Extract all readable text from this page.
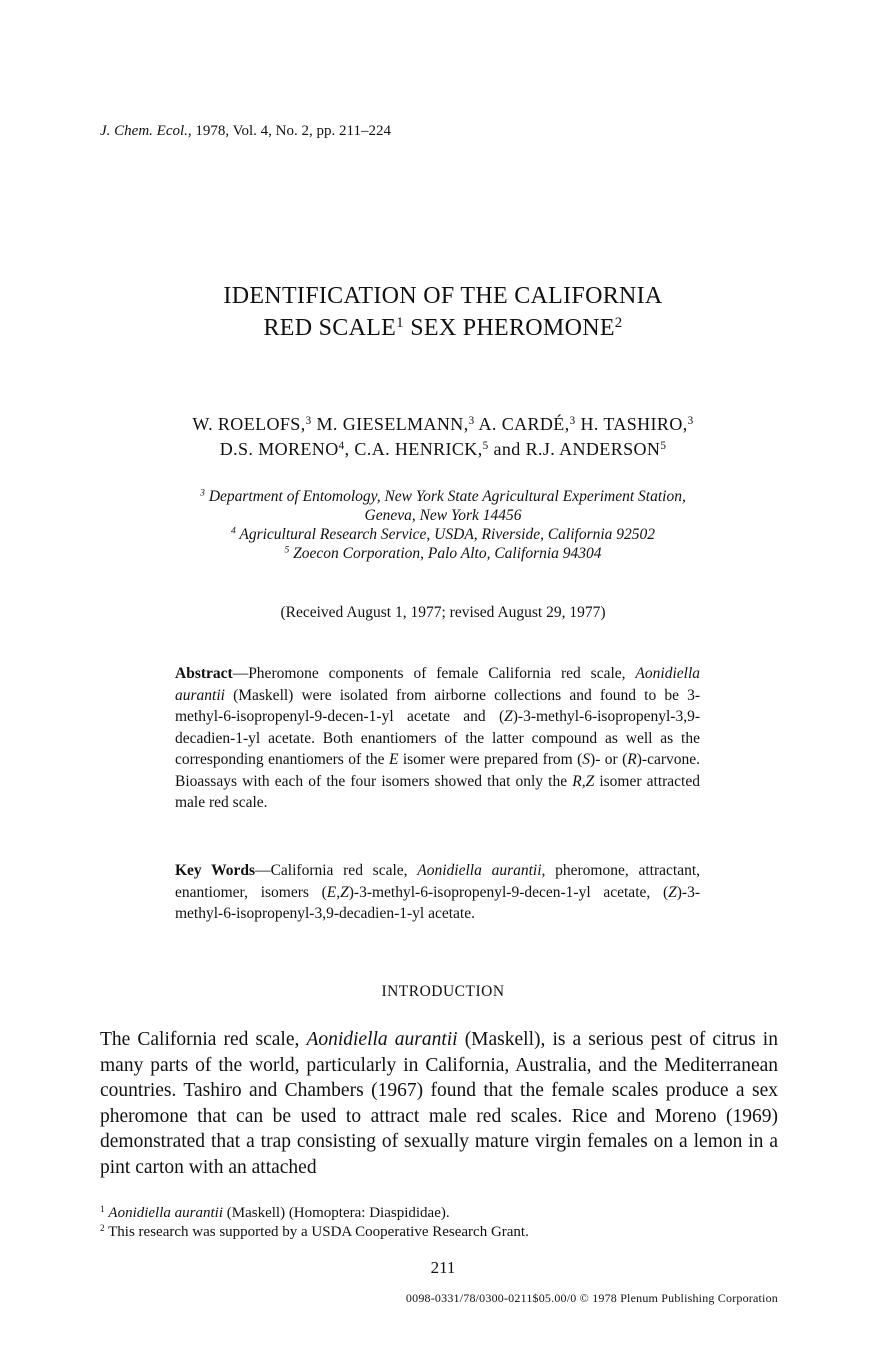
J. Chem. Ecol., 1978, Vol. 4, No. 2, pp. 211–224
IDENTIFICATION OF THE CALIFORNIA
RED SCALE$^1$ SEX PHEROMONE$^2$
W. ROELOFS,$^3$ M. GIESELMANN,$^3$ A. CARDÉ,$^3$ H. TASHIRO,$^3$
D.S. MORENO$^4$, C.A. HENRICK,$^5$ and R.J. ANDERSON$^5$
$^3$ Department of Entomology, New York State Agricultural Experiment Station,
Geneva, New York 14456
$^4$ Agricultural Research Service, USDA, Riverside, California 92502
$^5$ Zoecon Corporation, Palo Alto, California 94304
(Received August 1, 1977; revised August 29, 1977)
Abstract—Pheromone components of female California red scale, Aonidiella aurantii (Maskell) were isolated from airborne collections and found to be 3-methyl-6-isopropenyl-9-decen-1-yl acetate and (Z)-3-methyl-6-isopropenyl-3,9-decadien-1-yl acetate. Both enantiomers of the latter compound as well as the corresponding enantiomers of the E isomer were prepared from (S)- or (R)-carvone. Bioassays with each of the four isomers showed that only the R,Z isomer attracted male red scale.
Key Words—California red scale, Aonidiella aurantii, pheromone, attractant, enantiomer, isomers (E,Z)-3-methyl-6-isopropenyl-9-decen-1-yl acetate, (Z)-3-methyl-6-isopropenyl-3,9-decadien-1-yl acetate.
INTRODUCTION
The California red scale, Aonidiella aurantii (Maskell), is a serious pest of citrus in many parts of the world, particularly in California, Australia, and the Mediterranean countries. Tashiro and Chambers (1967) found that the female scales produce a sex pheromone that can be used to attract male red scales. Rice and Moreno (1969) demonstrated that a trap consisting of sexually mature virgin females on a lemon in a pint carton with an attached
$^1$ Aonidiella aurantii (Maskell) (Homoptera: Diaspididae).
$^2$ This research was supported by a USDA Cooperative Research Grant.
211
0098-0331/78/0300-0211$05.00/0 © 1978 Plenum Publishing Corporation
